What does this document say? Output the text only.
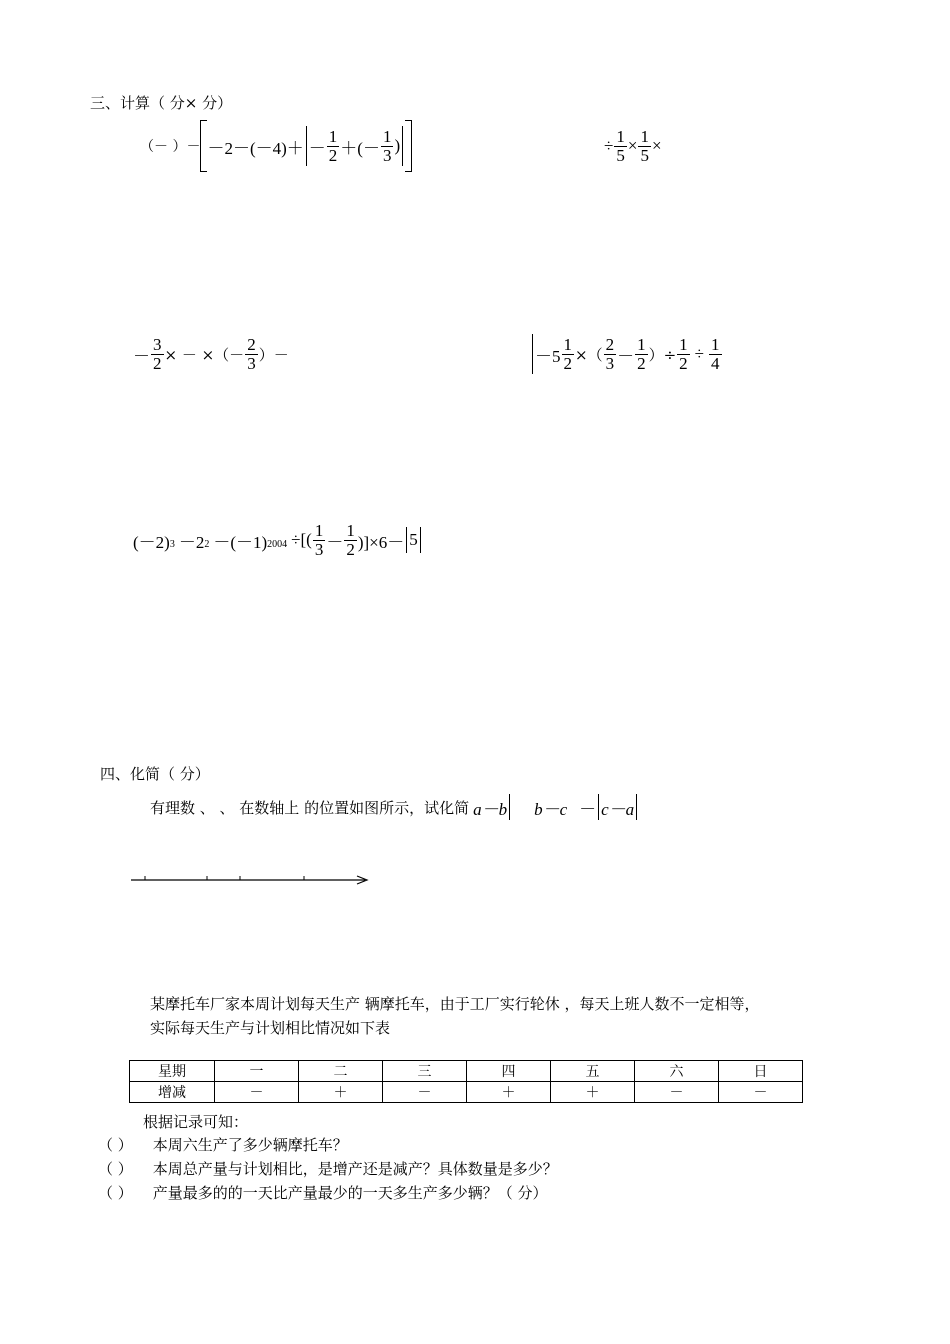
三、计算（ 分× 分）
（－ ）－ $-2-(-4)+ - \frac{1}{2}$ ＋(－ $\frac{1}{3}$ )	÷ $\frac{1}{5} \times \frac{1}{5}$ ×
－ $\frac{3}{2}$ × － ×（－ $\frac{2}{3}$ ）－	$-5 \frac{1}{2}$ ×（ $\frac{2}{3} - \frac{1}{2}$ ）÷ $\frac{1}{2} \div \frac{1}{4}$
$(-2)^3 -2^2 -(-1)^{2004}$ ÷[( $\frac{1}{3} - \frac{1}{2} )]\times 6- 5$
四、化简（ 分）
有理数 、 、 在数轴上 的位置如图所示，试化简 a－b b－c － c－a
某摩托车厂家本周计划每天生产 辆摩托车，由于工厂实行轮休 ，每天上班人数不一定相等，
实际每天生产与计划相比情况如下表
星期	一	二	三	四	五	六	日
增减	－	＋	－	＋	＋	－	－
根据记录可知：
（ ） 本周六生产了多少辆摩托车？
（ ） 本周总产量与计划相比，是增产还是减产？具体数量是多少？
（ ） 产量最多的的一天比产量最少的一天多生产多少辆？（ 分）
